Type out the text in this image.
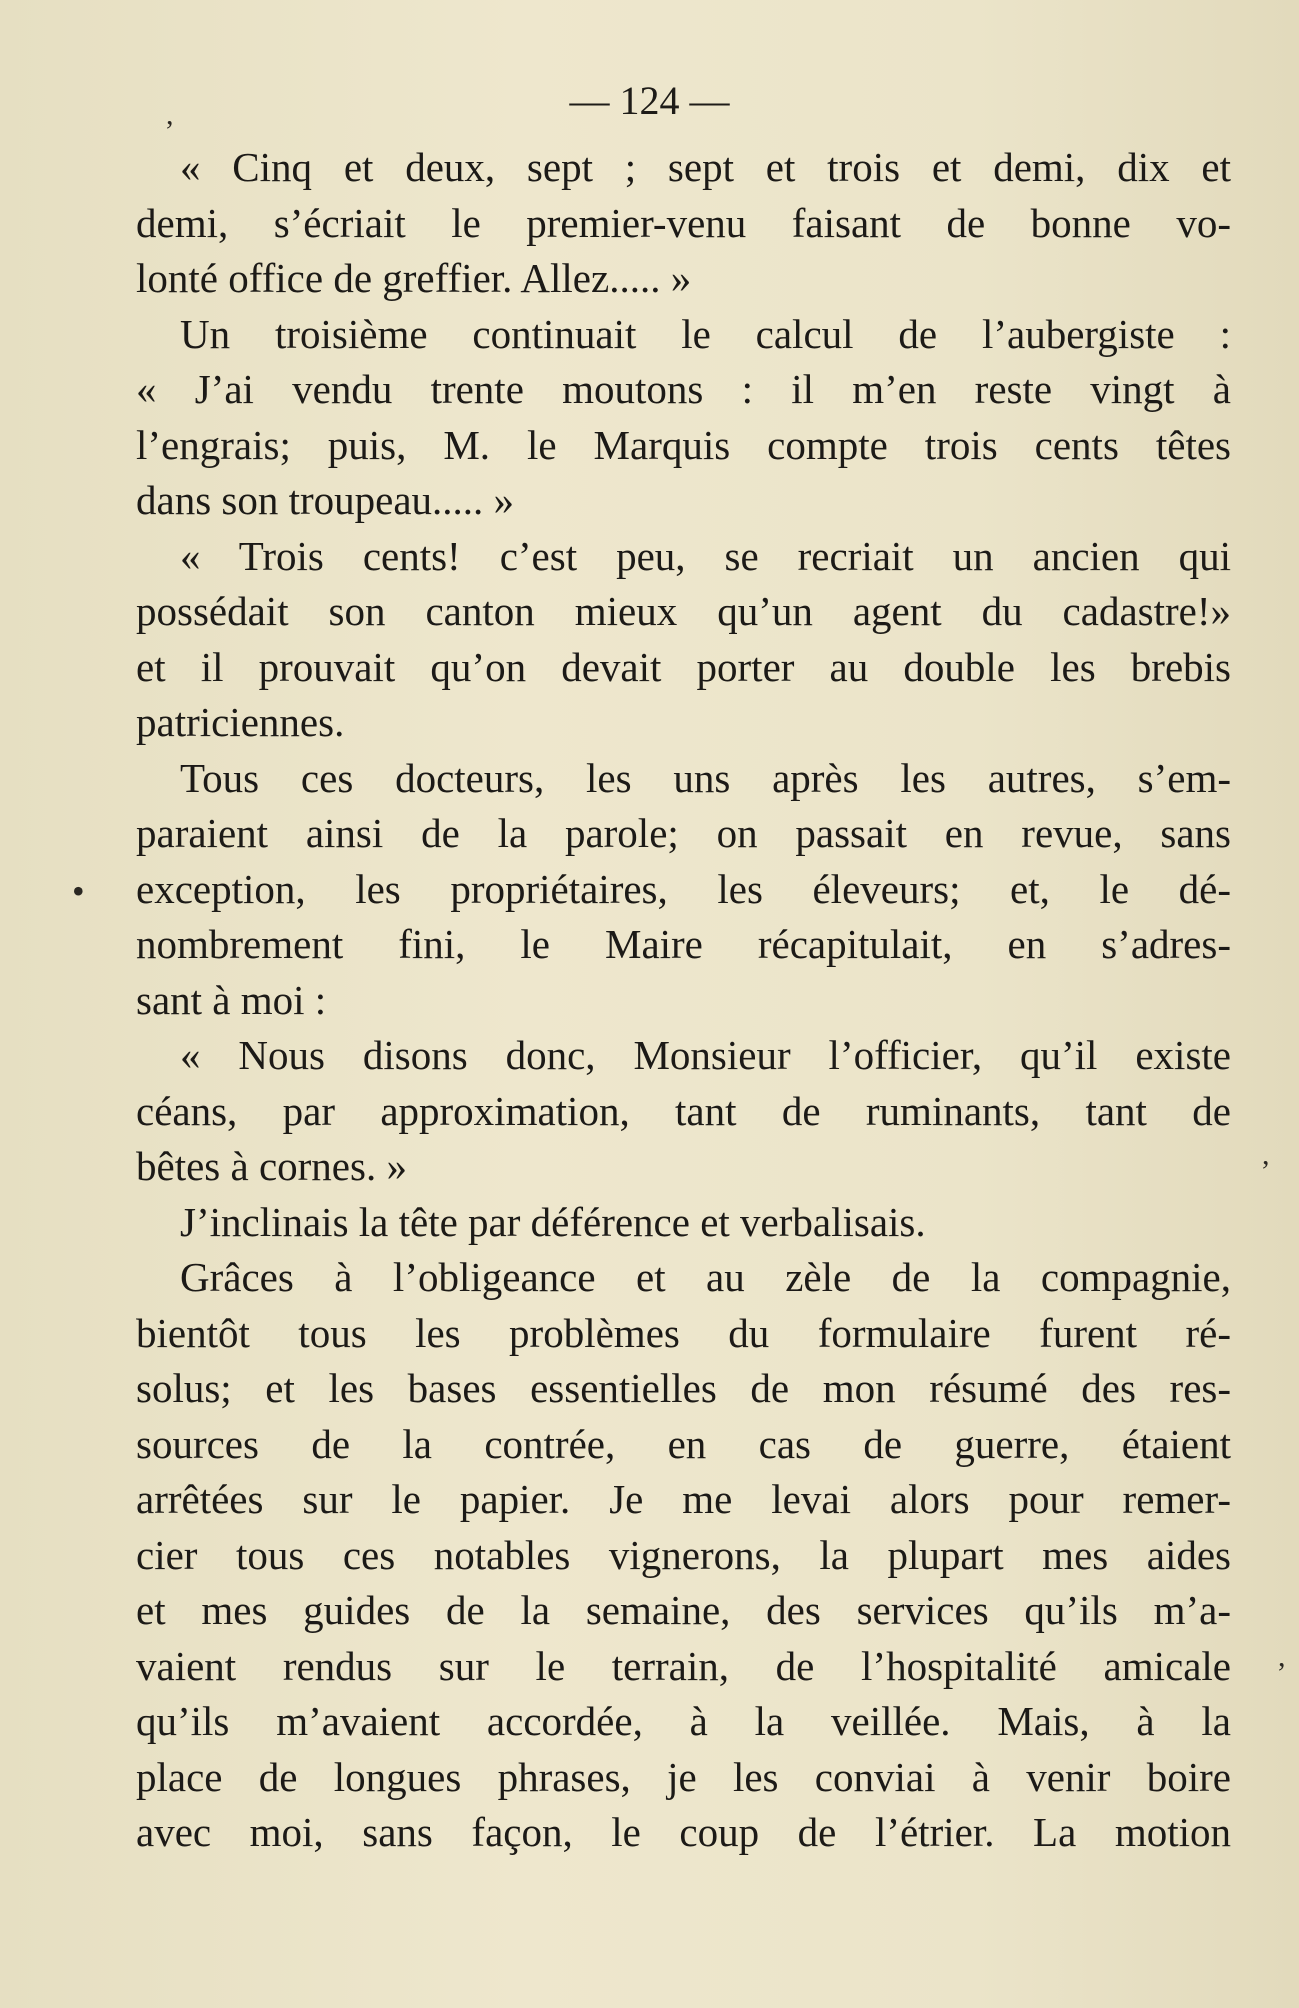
— 124 —
,
•
,
,
« Cinq et deux, sept ; sept et trois et demi, dix et
demi, s’écriait le premier-venu faisant de bonne vo-
lonté office de greffier. Allez..... »
Un troisième continuait le calcul de l’aubergiste :
« J’ai vendu trente moutons : il m’en reste vingt à
l’engrais; puis, M. le Marquis compte trois cents têtes
dans son troupeau..... »
« Trois cents! c’est peu, se recriait un ancien qui
possédait son canton mieux qu’un agent du cadastre!»
et il prouvait qu’on devait porter au double les brebis
patriciennes.
Tous ces docteurs, les uns après les autres, s’em-
paraient ainsi de la parole; on passait en revue, sans
exception, les propriétaires, les éleveurs; et, le dé-
nombrement fini, le Maire récapitulait, en s’adres-
sant à moi :
« Nous disons donc, Monsieur l’officier, qu’il existe
céans, par approximation, tant de ruminants, tant de
bêtes à cornes. »
J’inclinais la tête par déférence et verbalisais.
Grâces à l’obligeance et au zèle de la compagnie,
bientôt tous les problèmes du formulaire furent ré-
solus; et les bases essentielles de mon résumé des res-
sources de la contrée, en cas de guerre, étaient
arrêtées sur le papier. Je me levai alors pour remer-
cier tous ces notables vignerons, la plupart mes aides
et mes guides de la semaine, des services qu’ils m’a-
vaient rendus sur le terrain, de l’hospitalité amicale
qu’ils m’avaient accordée, à la veillée. Mais, à la
place de longues phrases, je les conviai à venir boire
avec moi, sans façon, le coup de l’étrier. La motion
